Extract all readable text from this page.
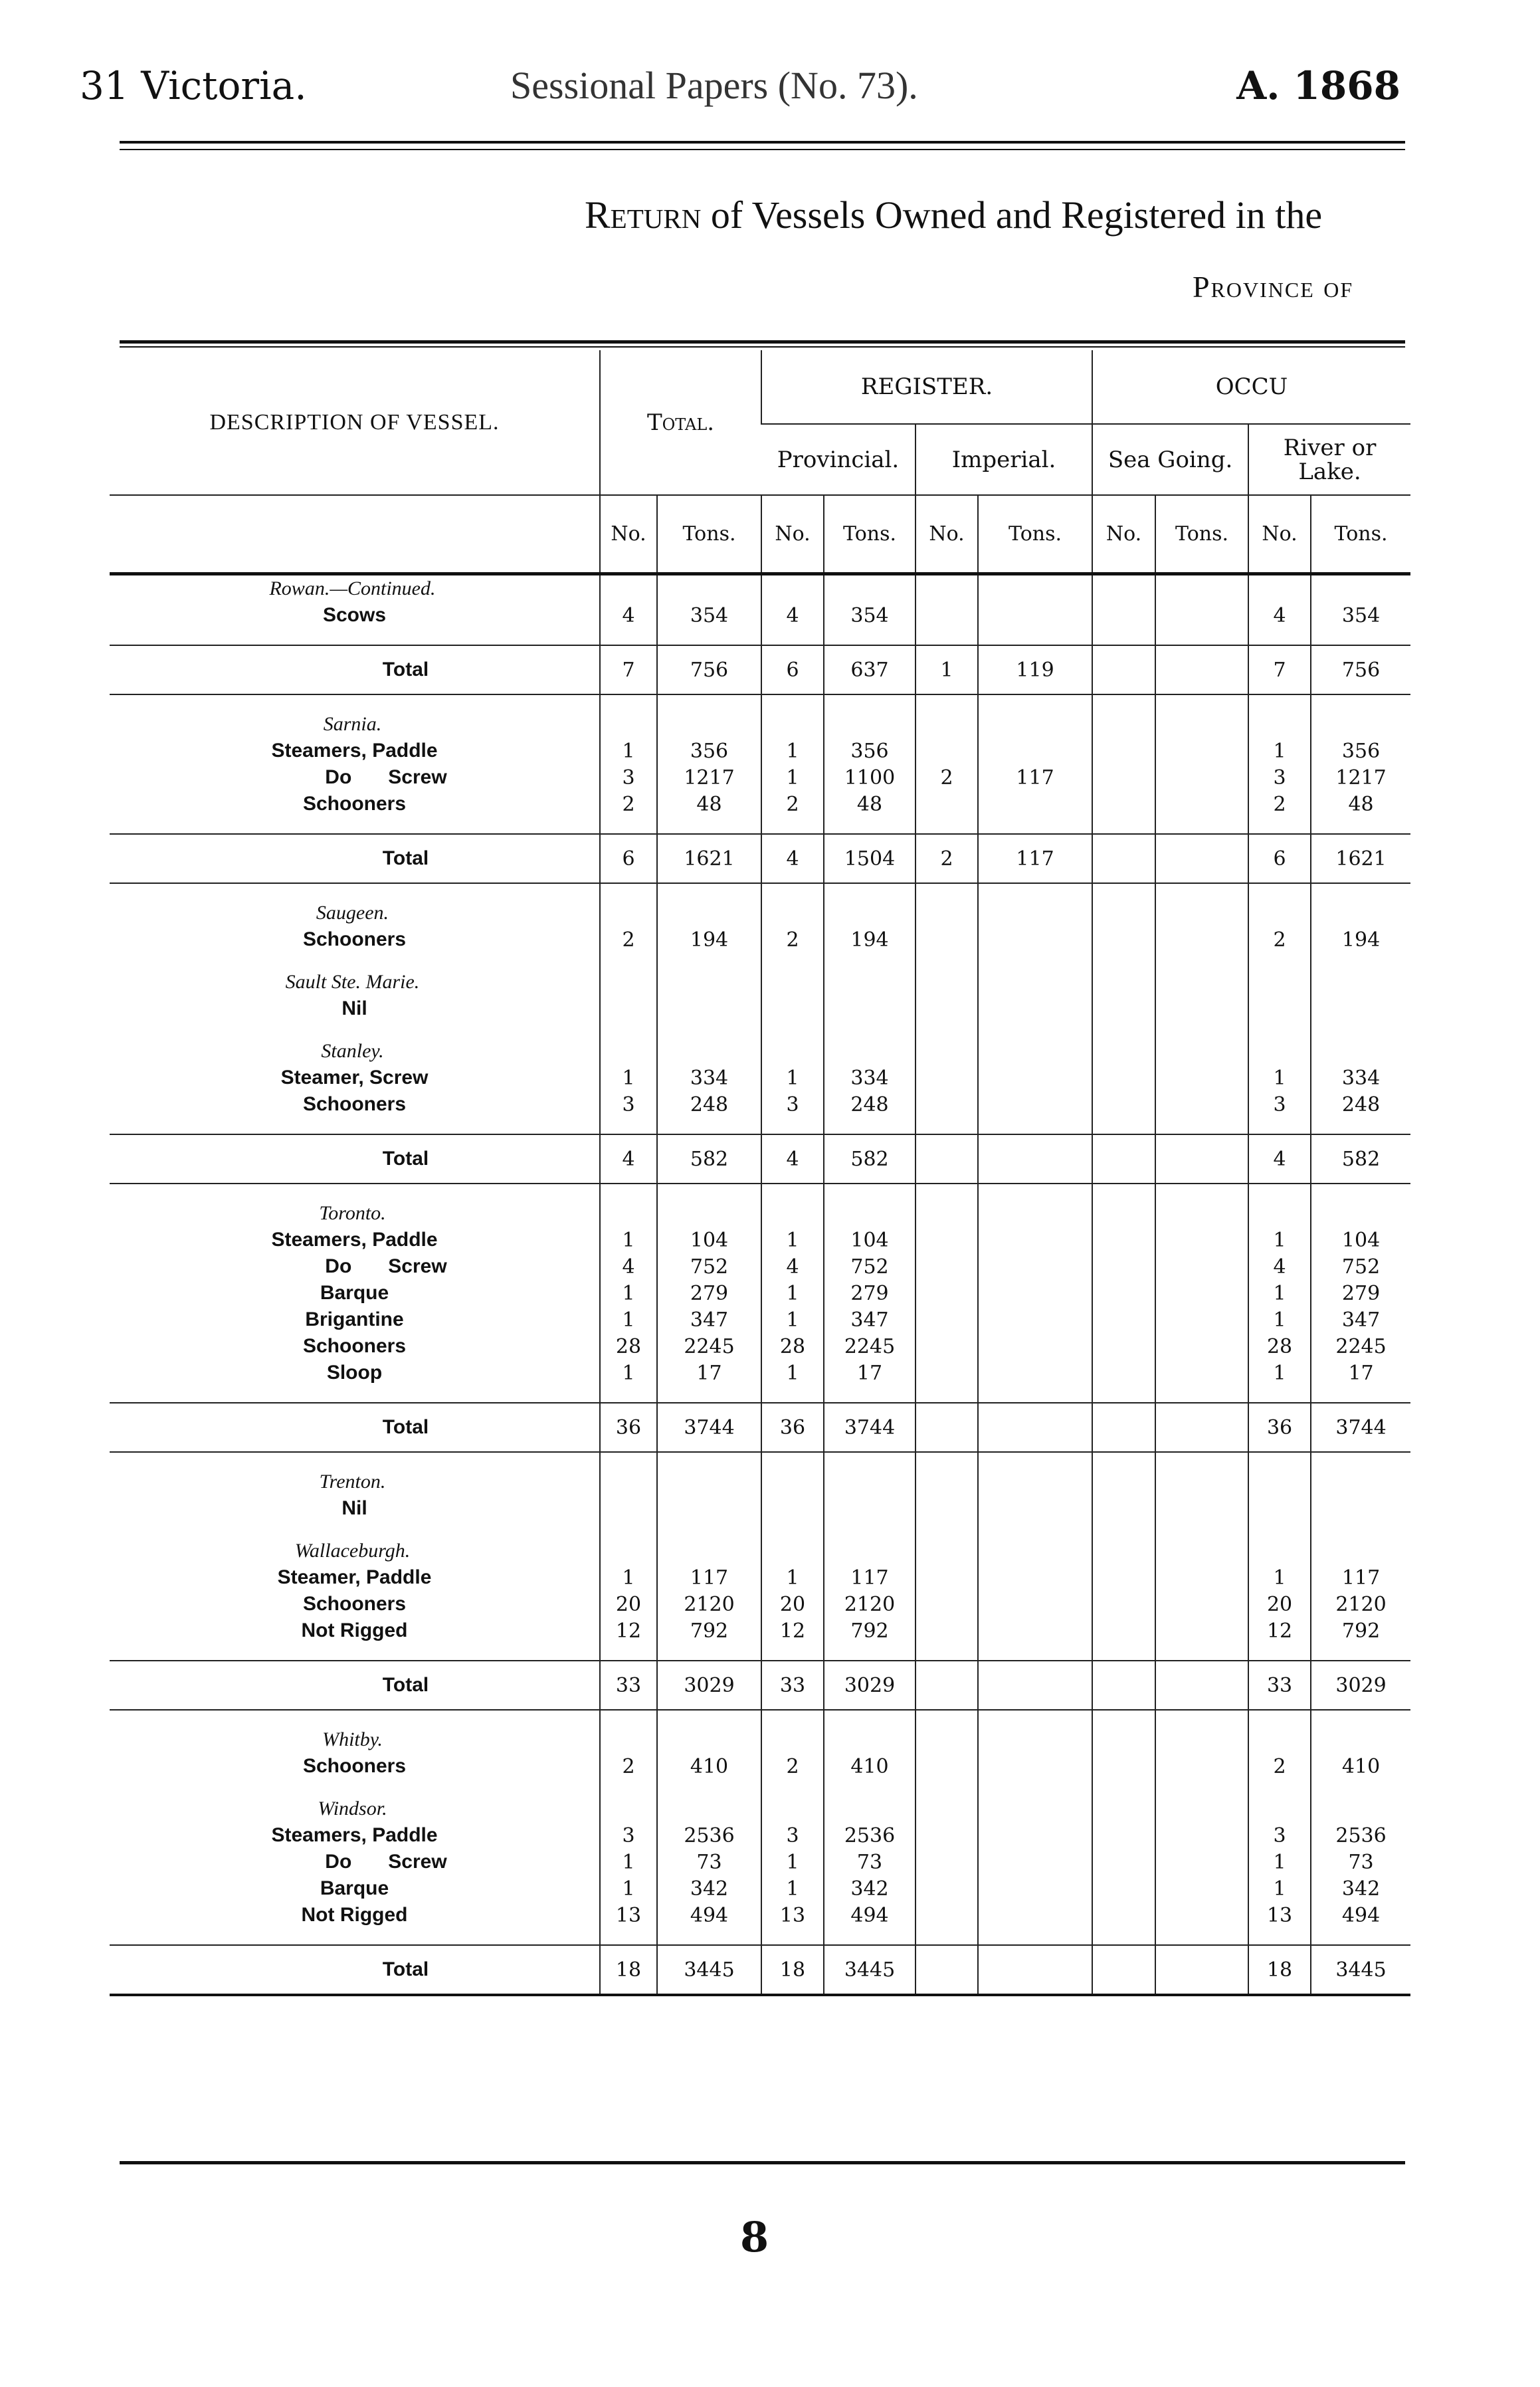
31 Victoria.	Sessional Papers (No. 73).	A. 1868
Return of Vessels Owned and Registered in the
Province of
DESCRIPTION OF VESSEL.	Total.		REGISTER.				OCCU			
			Provincial.		Imperial.		Sea Going.		River or Lake.	
	No.	Tons.	No.	Tons.	No.	Tons.	No.	Tons.	No.	Tons.
Rowan.—Continued.										
Scows	4	354	4	354					4	354

Total	7	756	6	637	1	119			7	756

Sarnia.										
Steamers, Paddle	1	356	1	356					1	356
Do Screw	3	1217	1	1100	2	117			3	1217
Schooners	2	48	2	48					2	48

Total	6	1621	4	1504	2	117			6	1621

Saugeen.										
Schooners	2	194	2	194					2	194

Sault Ste. Marie.										
Nil										

Stanley.										
Steamer, Screw	1	334	1	334					1	334
Schooners	3	248	3	248					3	248

Total	4	582	4	582					4	582

Toronto.										
Steamers, Paddle	1	104	1	104					1	104
Do Screw	4	752	4	752					4	752
Barque	1	279	1	279					1	279
Brigantine	1	347	1	347					1	347
Schooners	28	2245	28	2245					28	2245
Sloop	1	17	1	17					1	17

Total	36	3744	36	3744					36	3744

Trenton.										
Nil										

Wallaceburgh.										
Steamer, Paddle	1	117	1	117					1	117
Schooners	20	2120	20	2120					20	2120
Not Rigged	12	792	12	792					12	792

Total	33	3029	33	3029					33	3029

Whitby.										
Schooners	2	410	2	410					2	410

Windsor.										
Steamers, Paddle	3	2536	3	2536					3	2536
Do Screw	1	73	1	73					1	73
Barque	1	342	1	342					1	342
Not Rigged	13	494	13	494					13	494

Total	18	3445	18	3445					18	3445
8
